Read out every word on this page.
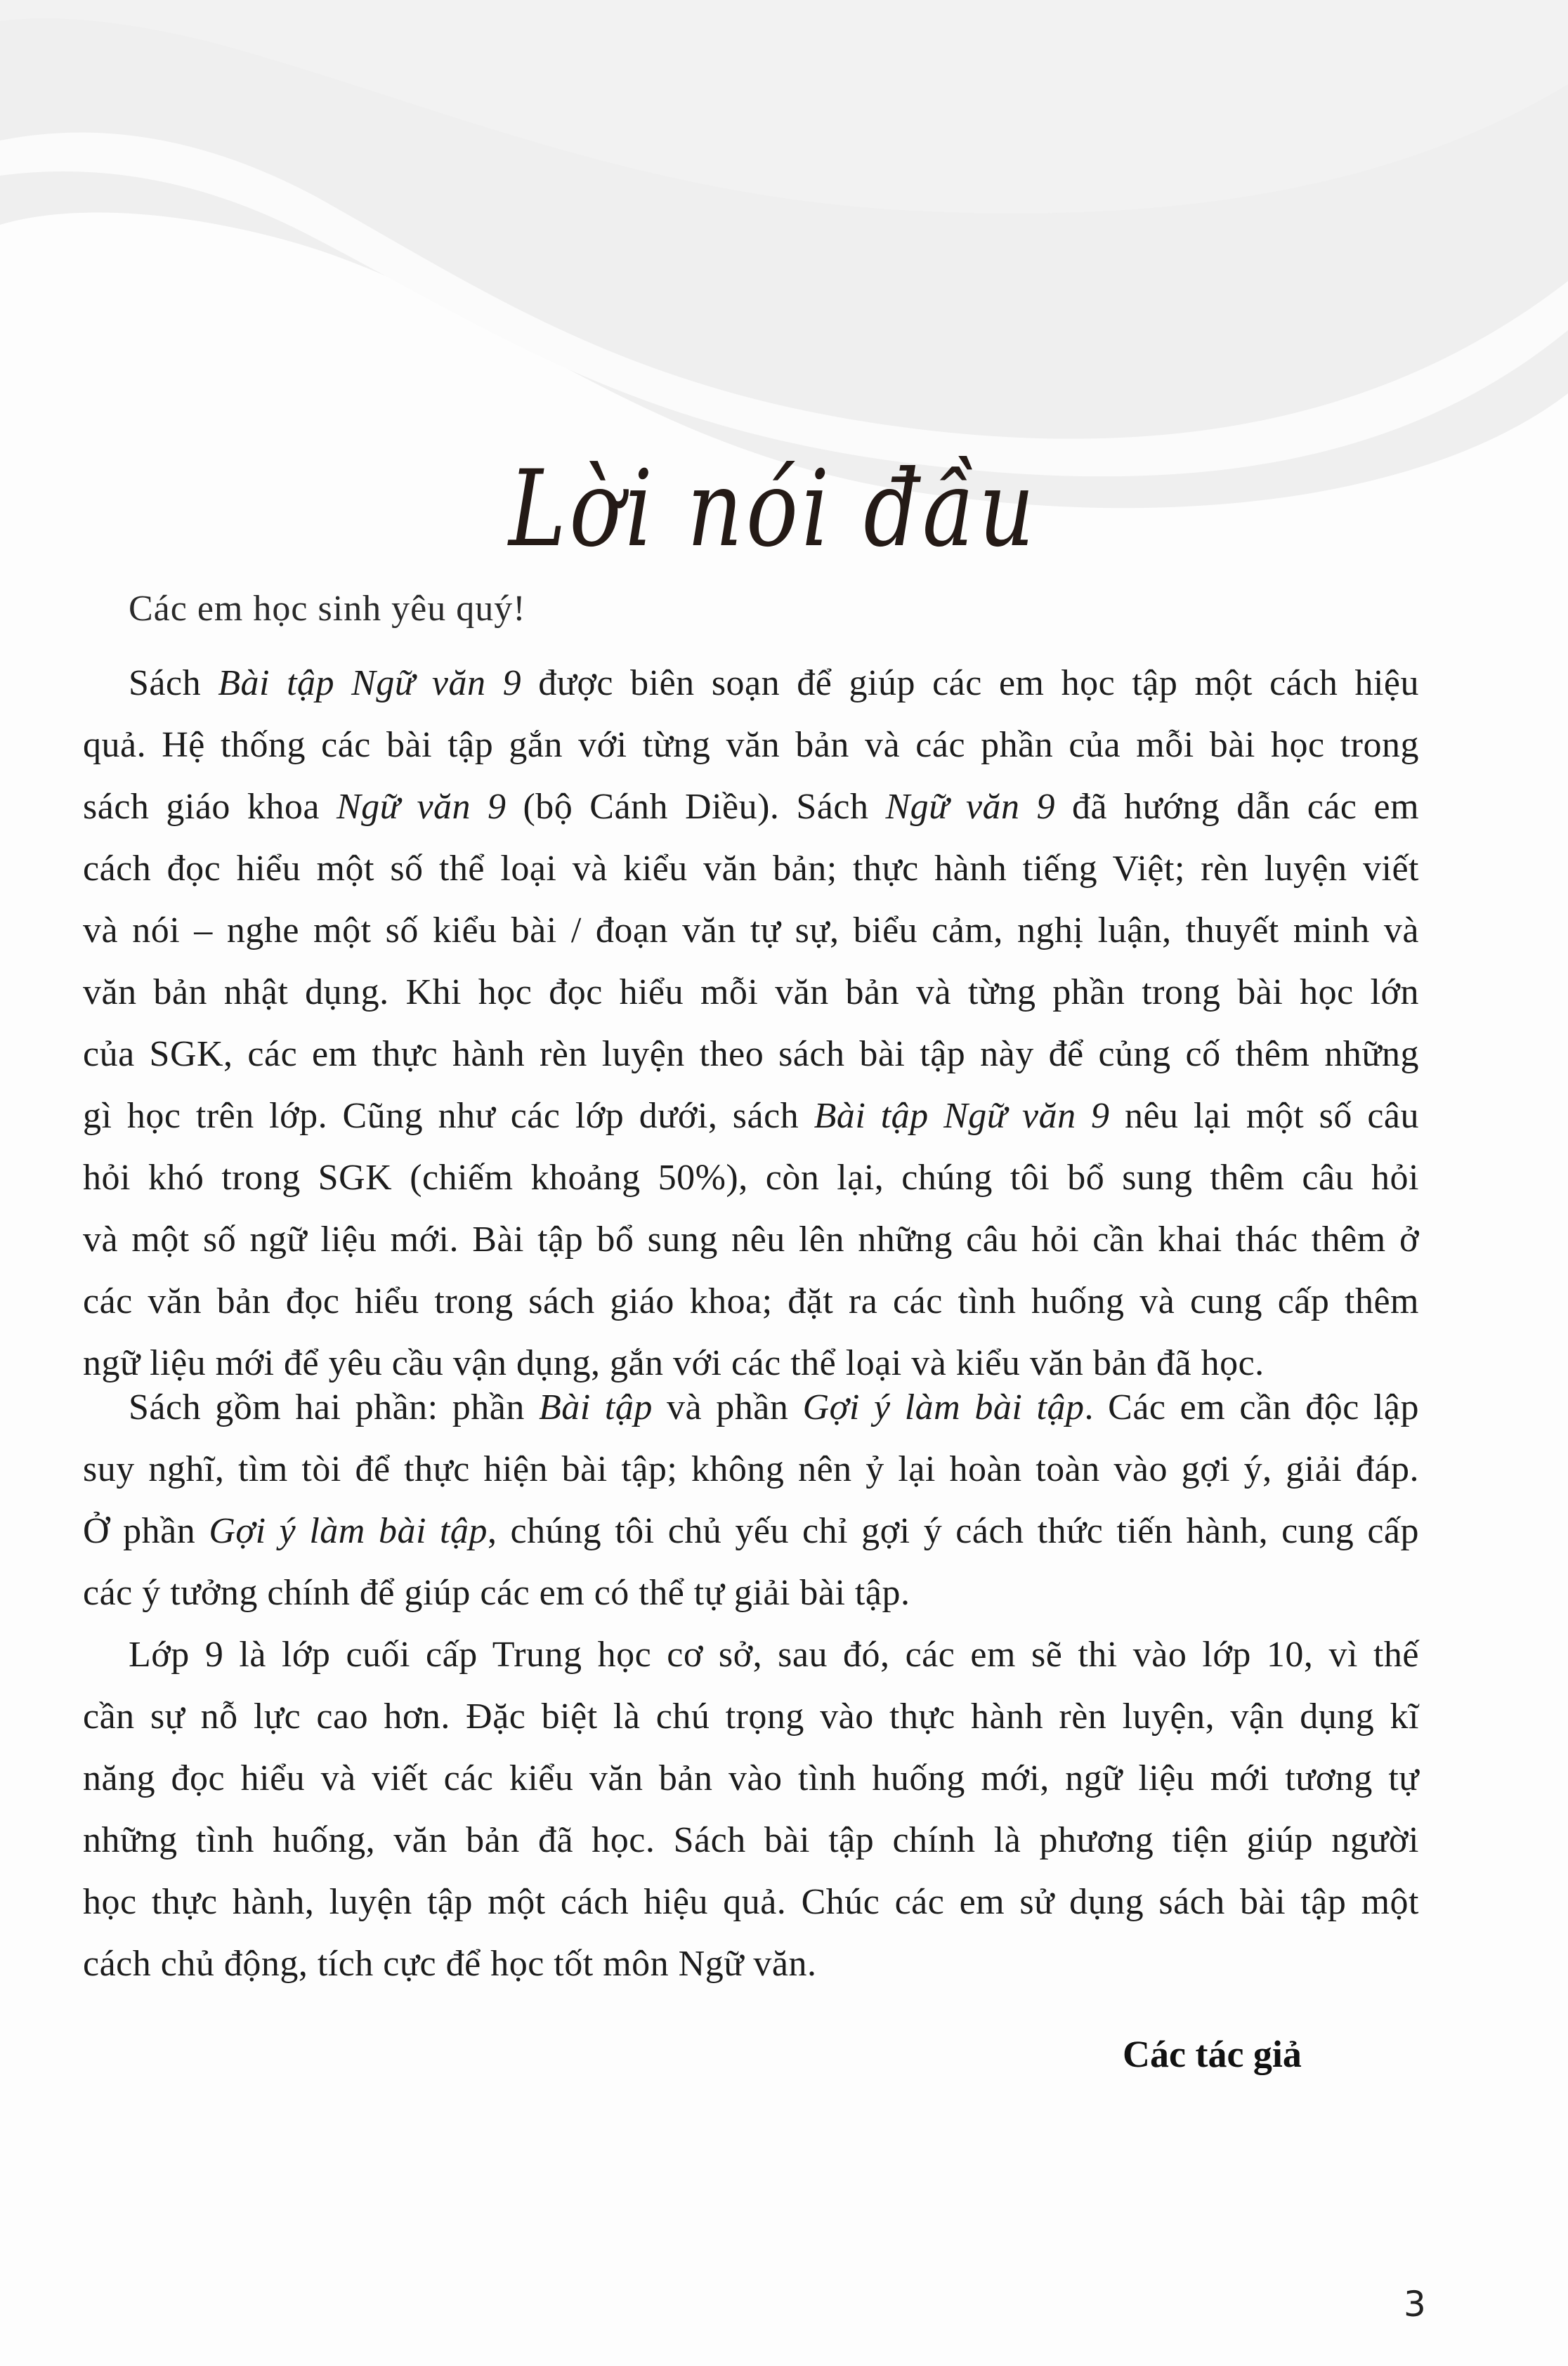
Lời nói đầu
Các em học sinh yêu quý!
Sách Bài tập Ngữ văn 9 được biên soạn để giúp các em học tập một cách hiệu
quả. Hệ thống các bài tập gắn với từng văn bản và các phần của mỗi bài học trong
sách giáo khoa Ngữ văn 9 (bộ Cánh Diều). Sách Ngữ văn 9 đã hướng dẫn các em
cách đọc hiểu một số thể loại và kiểu văn bản; thực hành tiếng Việt; rèn luyện viết
và nói – nghe một số kiểu bài / đoạn văn tự sự, biểu cảm, nghị luận, thuyết minh và
văn bản nhật dụng. Khi học đọc hiểu mỗi văn bản và từng phần trong bài học lớn
của SGK, các em thực hành rèn luyện theo sách bài tập này để củng cố thêm những
gì học trên lớp. Cũng như các lớp dưới, sách Bài tập Ngữ văn 9 nêu lại một số câu
hỏi khó trong SGK (chiếm khoảng 50%), còn lại, chúng tôi bổ sung thêm câu hỏi
và một số ngữ liệu mới. Bài tập bổ sung nêu lên những câu hỏi cần khai thác thêm ở
các văn bản đọc hiểu trong sách giáo khoa; đặt ra các tình huống và cung cấp thêm
ngữ liệu mới để yêu cầu vận dụng, gắn với các thể loại và kiểu văn bản đã học.
Sách gồm hai phần: phần Bài tập và phần Gợi ý làm bài tập. Các em cần độc lập
suy nghĩ, tìm tòi để thực hiện bài tập; không nên ỷ lại hoàn toàn vào gợi ý, giải đáp.
Ở phần Gợi ý làm bài tập, chúng tôi chủ yếu chỉ gợi ý cách thức tiến hành, cung cấp
các ý tưởng chính để giúp các em có thể tự giải bài tập.
Lớp 9 là lớp cuối cấp Trung học cơ sở, sau đó, các em sẽ thi vào lớp 10, vì thế
cần sự nỗ lực cao hơn. Đặc biệt là chú trọng vào thực hành rèn luyện, vận dụng kĩ
năng đọc hiểu và viết các kiểu văn bản vào tình huống mới, ngữ liệu mới tương tự
những tình huống, văn bản đã học. Sách bài tập chính là phương tiện giúp người
học thực hành, luyện tập một cách hiệu quả. Chúc các em sử dụng sách bài tập một
cách chủ động, tích cực để học tốt môn Ngữ văn.
Các tác giả
3
